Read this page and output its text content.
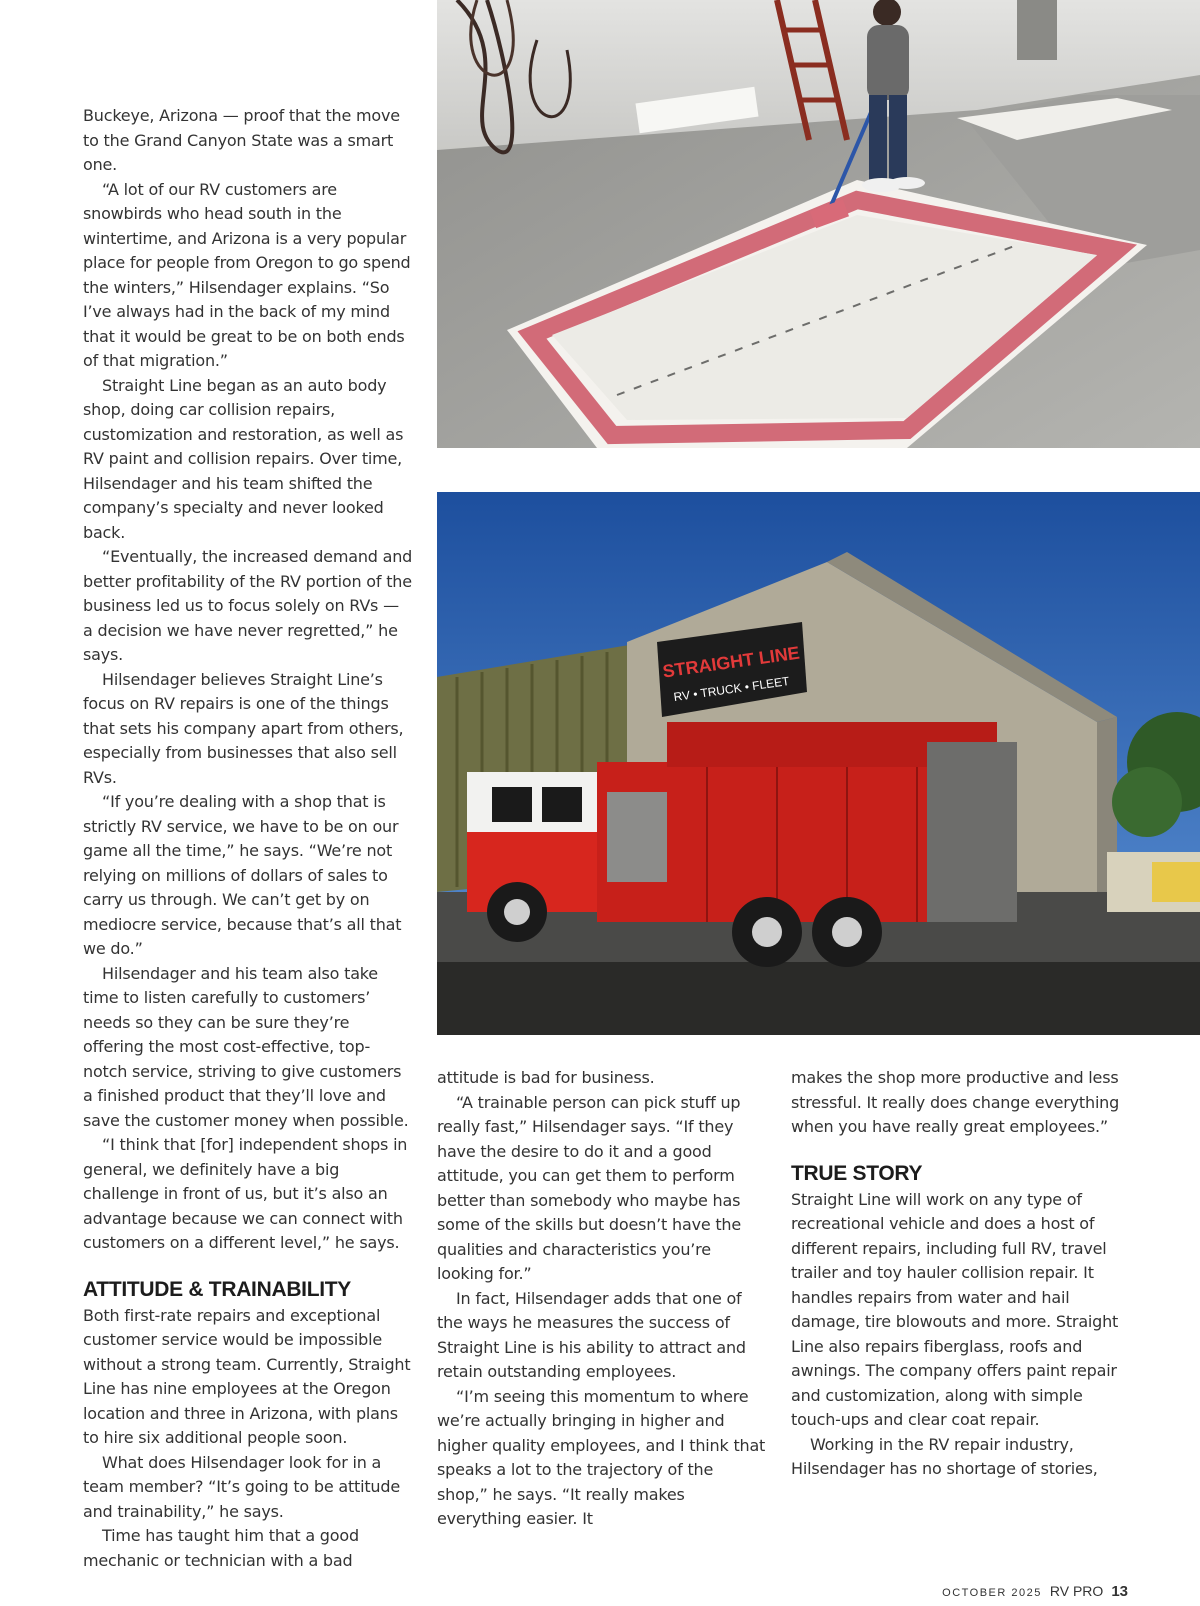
Buckeye, Arizona — proof that the move to the Grand Canyon State was a smart one.

“A lot of our RV customers are snowbirds who head south in the wintertime, and Arizona is a very popular place for people from Oregon to go spend the winters,” Hilsendager explains. “So I’ve always had in the back of my mind that it would be great to be on both ends of that migration.”

Straight Line began as an auto body shop, doing car collision repairs, customization and restoration, as well as RV paint and collision repairs. Over time, Hilsendager and his team shifted the company’s specialty and never looked back.

“Eventually, the increased demand and better profitability of the RV portion of the business led us to focus solely on RVs — a decision we have never regretted,” he says.

Hilsendager believes Straight Line’s focus on RV repairs is one of the things that sets his company apart from others, especially from businesses that also sell RVs.

“If you’re dealing with a shop that is strictly RV service, we have to be on our game all the time,” he says. “We’re not relying on millions of dollars of sales to carry us through. We can’t get by on mediocre service, because that’s all that we do.”

Hilsendager and his team also take time to listen carefully to customers’ needs so they can be sure they’re offering the most cost-effective, top-notch service, striving to give customers a finished product that they’ll love and save the customer money when possible.

“I think that [for] independent shops in general, we definitely have a big challenge in front of us, but it’s also an advantage because we can connect with customers on a different level,” he says.

ATTITUDE & TRAINABILITY

Both first-rate repairs and exceptional customer service would be impossible without a strong team. Currently, Straight Line has nine employees at the Oregon location and three in Arizona, with plans to hire six additional people soon.

What does Hilsendager look for in a team member? “It’s going to be attitude and trainability,” he says.

Time has taught him that a good mechanic or technician with a bad

STRAIGHT LINE
RV • TRUCK • FLEET

attitude is bad for business.

“A trainable person can pick stuff up really fast,” Hilsendager says. “If they have the desire to do it and a good attitude, you can get them to perform better than somebody who maybe has some of the skills but doesn’t have the qualities and characteristics you’re looking for.”

In fact, Hilsendager adds that one of the ways he measures the success of Straight Line is his ability to attract and retain outstanding employees.

“I’m seeing this momentum to where we’re actually bringing in higher and higher quality employees, and I think that speaks a lot to the trajectory of the shop,” he says. “It really makes everything easier. It

makes the shop more productive and less stressful. It really does change everything when you have really great employees.”

TRUE STORY

Straight Line will work on any type of recreational vehicle and does a host of different repairs, including full RV, travel trailer and toy hauler collision repair. It handles repairs from water and hail damage, tire blowouts and more. Straight Line also repairs fiberglass, roofs and awnings. The company offers paint repair and customization, along with simple touch-ups and clear coat repair.

Working in the RV repair industry, Hilsendager has no shortage of stories,

OCTOBER 2025 RV PRO 13
